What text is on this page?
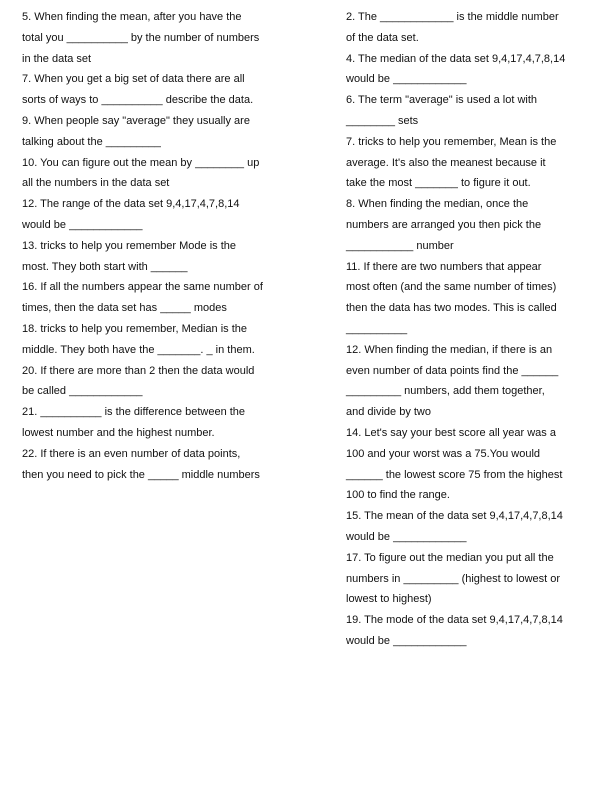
5. When finding the mean, after you have the
total you __________ by the number of numbers
in the data set
7. When you get a big set of data there are all
sorts of ways to __________ describe the data.
9. When people say "average" they usually are
talking about the _________
10. You can figure out the mean by ________ up
all the numbers in the data set
12. The range of the data set 9,4,17,4,7,8,14
would be ____________
13. tricks to help you remember Mode is the
most. They both start with ______
16. If all the numbers appear the same number of
times, then the data set has _____ modes
18. tricks to help you remember, Median is the
middle. They both have the _______. _ in them.
20. If there are more than 2 then the data would
be called ____________
21. __________ is the difference between the
lowest number and the highest number.
22. If there is an even number of data points,
then you need to pick the _____ middle numbers
2. The ____________ is the middle number
of the data set.
4. The median of the data set 9,4,17,4,7,8,14
would be ____________
6. The term "average" is used a lot with
________ sets
7. tricks to help you remember, Mean is the
average. It's also the meanest because it
take the most _______ to figure it out.
8. When finding the median, once the
numbers are arranged you then pick the
___________ number
11. If there are two numbers that appear
most often (and the same number of times)
then the data has two modes. This is called
__________
12. When finding the median, if there is an
even number of data points find the ______
_________ numbers, add them together,
and divide by two
14. Let's say your best score all year was a
100 and your worst was a 75.You would
______ the lowest score 75 from the highest
100 to find the range.
15. The mean of the data set 9,4,17,4,7,8,14
would be ____________
17. To figure out the median you put all the
numbers in _________ (highest to lowest or
lowest to highest)
19. The mode of the data set 9,4,17,4,7,8,14
would be ____________
